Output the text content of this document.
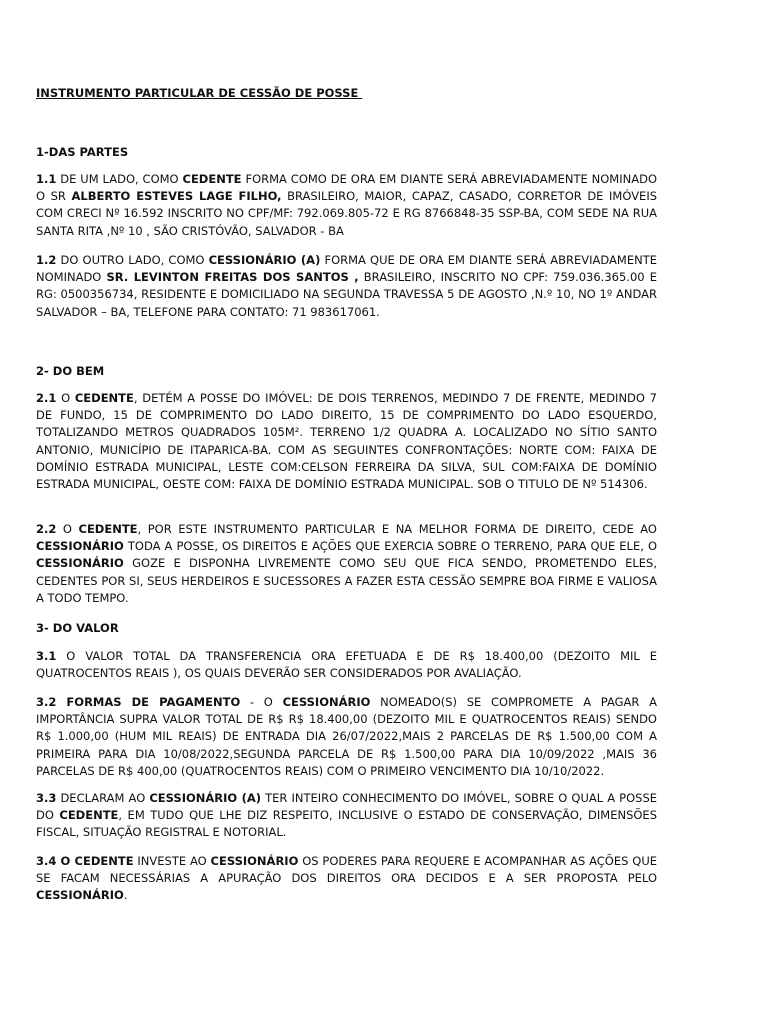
INSTRUMENTO PARTICULAR DE CESSÃO DE POSSE
1-DAS PARTES
1.1 DE UM LADO, COMO CEDENTE FORMA COMO DE ORA EM DIANTE SERÁ ABREVIADAMENTE NOMINADO O SR ALBERTO ESTEVES LAGE FILHO, BRASILEIRO, MAIOR, CAPAZ, CASADO, CORRETOR DE IMÓVEIS COM CRECI Nº 16.592 INSCRITO NO CPF/MF: 792.069.805-72 E RG 8766848-35 SSP-BA, COM SEDE NA RUA SANTA RITA ,Nº 10 , SÃO CRISTÓVÃO, SALVADOR - BA
1.2 DO OUTRO LADO, COMO CESSIONÁRIO (A) FORMA QUE DE ORA EM DIANTE SERÁ ABREVIADAMENTE NOMINADO SR. LEVINTON FREITAS DOS SANTOS , BRASILEIRO, INSCRITO NO CPF: 759.036.365.00 E RG: 0500356734, RESIDENTE E DOMICILIADO NA SEGUNDA TRAVESSA 5 DE AGOSTO ,N.º 10, NO 1º ANDAR SALVADOR – BA, TELEFONE PARA CONTATO: 71 983617061.
2- DO BEM
2.1 O CEDENTE, DETÉM A POSSE DO IMÓVEL: DE DOIS TERRENOS, MEDINDO 7 DE FRENTE, MEDINDO 7 DE FUNDO, 15 DE COMPRIMENTO DO LADO DIREITO, 15 DE COMPRIMENTO DO LADO ESQUERDO, TOTALIZANDO METROS QUADRADOS 105M². TERRENO 1/2 QUADRA A. LOCALIZADO NO SÍTIO SANTO ANTONIO, MUNICÍPIO DE ITAPARICA-BA. COM AS SEGUINTES CONFRONTAÇÕES: NORTE COM: FAIXA DE DOMÍNIO ESTRADA MUNICIPAL, LESTE COM:CELSON FERREIRA DA SILVA, SUL COM:FAIXA DE DOMÍNIO ESTRADA MUNICIPAL, OESTE COM: FAIXA DE DOMÍNIO ESTRADA MUNICIPAL. SOB O TITULO DE Nº 514306.
2.2 O CEDENTE, POR ESTE INSTRUMENTO PARTICULAR E NA MELHOR FORMA DE DIREITO, CEDE AO CESSIONÁRIO TODA A POSSE, OS DIREITOS E AÇÕES QUE EXERCIA SOBRE O TERRENO, PARA QUE ELE, O CESSIONÁRIO GOZE E DISPONHA LIVREMENTE COMO SEU QUE FICA SENDO, PROMETENDO ELES, CEDENTES POR SI, SEUS HERDEIROS E SUCESSORES A FAZER ESTA CESSÃO SEMPRE BOA FIRME E VALIOSA A TODO TEMPO.
3- DO VALOR
3.1 O VALOR TOTAL DA TRANSFERENCIA ORA EFETUADA E DE R$ 18.400,00 (DEZOITO MIL E QUATROCENTOS REAIS ), OS QUAIS DEVERÃO SER CONSIDERADOS POR AVALIAÇÃO.
3.2 FORMAS DE PAGAMENTO - O CESSIONÁRIO NOMEADO(S) SE COMPROMETE A PAGAR A IMPORTÂNCIA SUPRA VALOR TOTAL DE R$ R$ 18.400,00 (DEZOITO MIL E QUATROCENTOS REAIS) SENDO R$ 1.000,00 (HUM MIL REAIS) DE ENTRADA DIA 26/07/2022,MAIS 2 PARCELAS DE R$ 1.500,00 COM A PRIMEIRA PARA DIA 10/08/2022,SEGUNDA PARCELA DE R$ 1.500,00 PARA DIA 10/09/2022 ,MAIS 36 PARCELAS DE R$ 400,00 (QUATROCENTOS REAIS) COM O PRIMEIRO VENCIMENTO DIA 10/10/2022.
3.3 DECLARAM AO CESSIONÁRIO (A) TER INTEIRO CONHECIMENTO DO IMÓVEL, SOBRE O QUAL A POSSE DO CEDENTE, EM TUDO QUE LHE DIZ RESPEITO, INCLUSIVE O ESTADO DE CONSERVAÇÃO, DIMENSÕES FISCAL, SITUAÇÃO REGISTRAL E NOTORIAL.
3.4 O CEDENTE INVESTE AO CESSIONÁRIO OS PODERES PARA REQUERE E ACOMPANHAR AS AÇÕES QUE SE FACAM NECESSÁRIAS A APURAÇÃO DOS DIREITOS ORA DECIDOS E A SER PROPOSTA PELO CESSIONÁRIO.
